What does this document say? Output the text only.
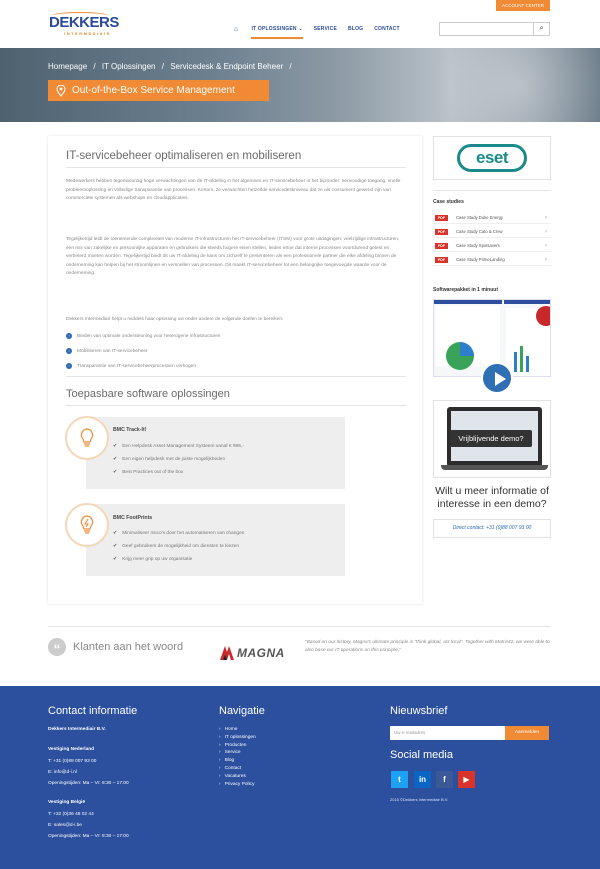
ACCOUNT CENTER
DEKKERS
INTERMEDIAIR
⌂	IT OPLOSSINGEN ⌄ SERVICE BLOG CONTACT	⌕
Homepage / IT Oplossingen / Servicedesk & Endpoint Beheer /
Out-of-the-Box Service Management
IT-servicebeheer optimaliseren en mobiliseren
Medewerkers hebben tegenwoordig hoge verwachtingen van de IT-afdeling in het algemeen en IT-servicebeheer in het bijzonder: eenvoudige toegang, snelle probleemoplossing en volledige transparantie van processen. Kortom, ze verwachten hetzelfde servicedeskniveau dat ze als consument gewend zijn van commerciële systemen als webshops en cloudapplicaties.
Tegelijkertijd leidt de toenemende complexiteit van moderne IT-infrastructuren het IT-servicebeheer (ITSM) voor grote uitdagingen: veelzijdige infrastructuren, een mix van zakelijke en persoonlijke apparaten en gebruikers die steeds hogere eisen stellen, leiden ertoe dat interne processen voortdurend getest en verbeterd moeten worden. Tegelijkertijd biedt dit uw IT-afdeling de kans om zichzelf te presenteren als een professionele partner die elke afdeling binnen de onderneming kan helpen bij het stroomlijnen en versnellen van processen. Dit maakt IT-servicebeheer tot een belangrijke toegevoegde waarde voor de onderneming.
Dekkers Intermediair helpt u middels haar oplossing uw onder andere de volgende doelen te bereiken:
›	Bieden van optimale ondersteuning voor heterogene infrastructuren
›	Mobiliseren van IT-servicebeheer
›	Transparantie van IT-servicebeheerprocessen verhogen
Toepasbare software oplossingen
BMC Track-It!
✔ Een Helpdesk Asset Management Systeem vanaf € 995,-
✔ Een eigen helpdesk met de juiste mogelijkheden
✔ Best Practices out of the box
BMC FootPrints
✔ Minimaliseer risico's door het automatiseren van changes
✔ Geef gebruikers de mogelijkheid om diensten te kiezen
✔ Krijg meer grip op uw organisatie
eset
Case studies
PDF	Case Study Duke Energy	›
PDF	Case Study Cato & Crew	›
PDF	Case Study Spotsavers	›
PDF	Case Study PrimeLanding	›
Softwarepakket in 1 minuut
Vrijblijvende demo?
Wilt u meer informatie of interesse in een demo?
Direct contact: +31 (0)88 007 93 00
“	Klanten aan het woord	MAGNA
"Based on our history, Magna's ultimate principle is "think global, act local". Together with Matrix42, we were able to also base our IT operations on this principle."
Contact informatie
Dekkers Intermediair B.V.
Vestiging Nederland
T: +31 (0)88 007 93 00
E: info@d-i.nl
Openingstijden: Ma – Vr: 8:30 – 17:00
Vestiging België
T: +32 (0)36 48 02 44
E: sales@d-i.be
Openingstijden: Ma – Vr: 8:30 – 17:00
Navigatie
› Home
› IT oplossingen
› Producten
› Service
› Blog
› Contact
› Vacatures
› Privacy Policy
Nieuwsbrief
Uw e-mailadres	Aanmelden
Social media
t	in	f	▶
2015 ©Dekkers Intermediair B.V.
